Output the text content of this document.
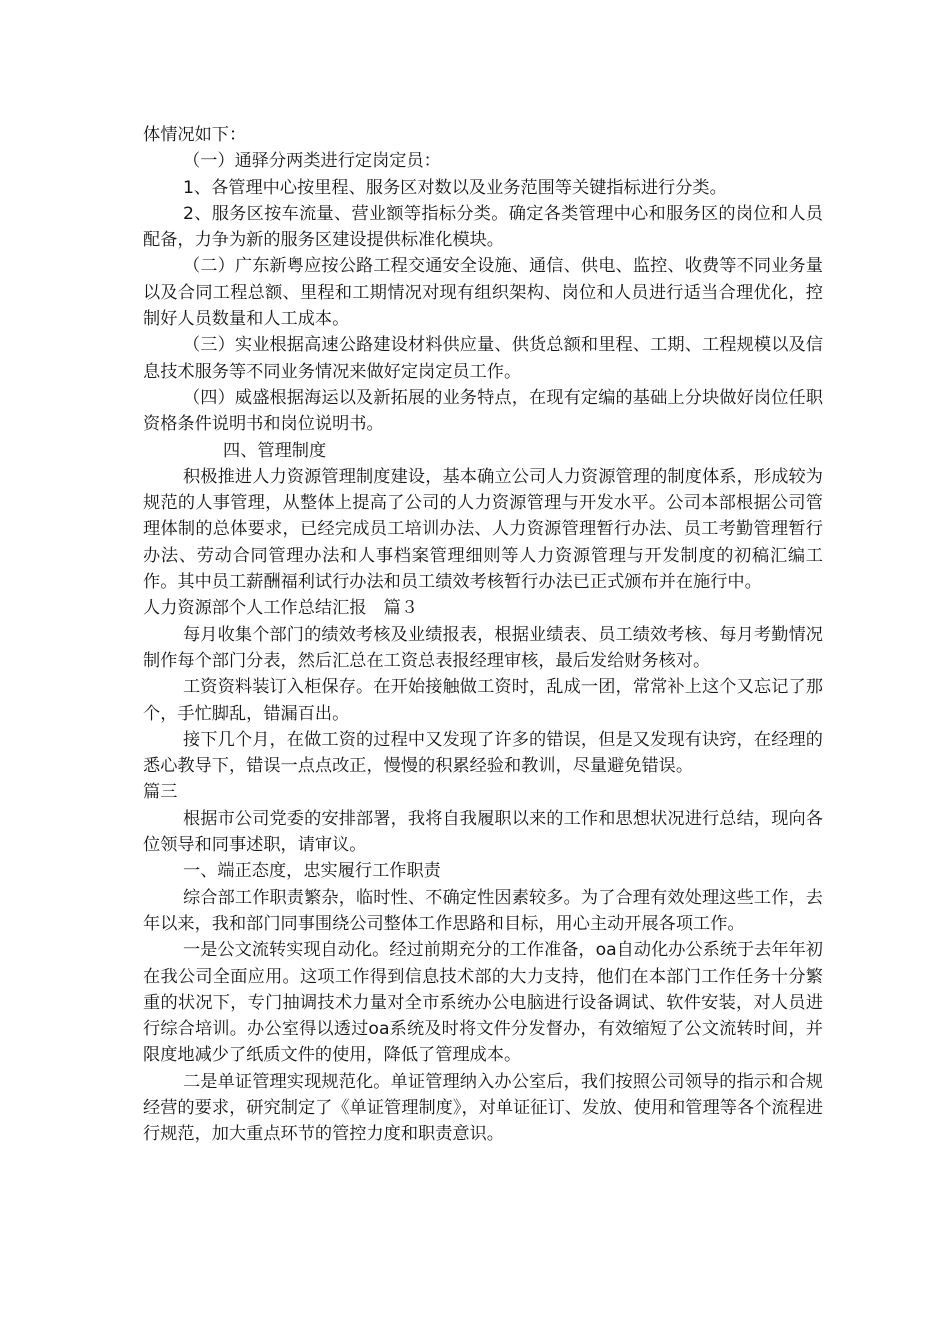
体情况如下：

（一）通驿分两类进行定岗定员：

1、各管理中心按里程、服务区对数以及业务范围等关键指标进行分类。

2、服务区按车流量、营业额等指标分类。确定各类管理中心和服务区的岗位和人员配备，力争为新的服务区建设提供标准化模块。

（二）广东新粤应按公路工程交通安全设施、通信、供电、监控、收费等不同业务量以及合同工程总额、里程和工期情况对现有组织架构、岗位和人员进行适当合理优化，控制好人员数量和人工成本。

（三）实业根据高速公路建设材料供应量、供货总额和里程、工期、工程规模以及信息技术服务等不同业务情况来做好定岗定员工作。

（四）威盛根据海运以及新拓展的业务特点，在现有定编的基础上分块做好岗位任职资格条件说明书和岗位说明书。

四、管理制度

积极推进人力资源管理制度建设，基本确立公司人力资源管理的制度体系，形成较为规范的人事管理，从整体上提高了公司的人力资源管理与开发水平。公司本部根据公司管理体制的总体要求，已经完成员工培训办法、人力资源管理暂行办法、员工考勤管理暂行办法、劳动合同管理办法和人事档案管理细则等人力资源管理与开发制度的初稿汇编工作。其中员工薪酬福利试行办法和员工绩效考核暂行办法已正式颁布并在施行中。

人力资源部个人工作总结汇报　篇３

每月收集个部门的绩效考核及业绩报表，根据业绩表、员工绩效考核、每月考勤情况制作每个部门分表，然后汇总在工资总表报经理审核，最后发给财务核对。

工资资料装订入柜保存。在开始接触做工资时，乱成一团，常常补上这个又忘记了那个，手忙脚乱，错漏百出。

接下几个月，在做工资的过程中又发现了许多的错误，但是又发现有诀窍，在经理的悉心教导下，错误一点点改正，慢慢的积累经验和教训，尽量避免错误。

篇三

根据市公司党委的安排部署，我将自我履职以来的工作和思想状况进行总结，现向各位领导和同事述职，请审议。

一、端正态度，忠实履行工作职责

综合部工作职责繁杂，临时性、不确定性因素较多。为了合理有效处理这些工作，去年以来，我和部门同事围绕公司整体工作思路和目标，用心主动开展各项工作。

一是公文流转实现自动化。经过前期充分的工作准备，oa自动化办公系统于去年年初在我公司全面应用。这项工作得到信息技术部的大力支持，他们在本部门工作任务十分繁重的状况下，专门抽调技术力量对全市系统办公电脑进行设备调试、软件安装，对人员进行综合培训。办公室得以透过oa系统及时将文件分发督办，有效缩短了公文流转时间，并限度地减少了纸质文件的使用，降低了管理成本。

二是单证管理实现规范化。单证管理纳入办公室后，我们按照公司领导的指示和合规经营的要求，研究制定了《单证管理制度》，对单证征订、发放、使用和管理等各个流程进行规范，加大重点环节的管控力度和职责意识。
